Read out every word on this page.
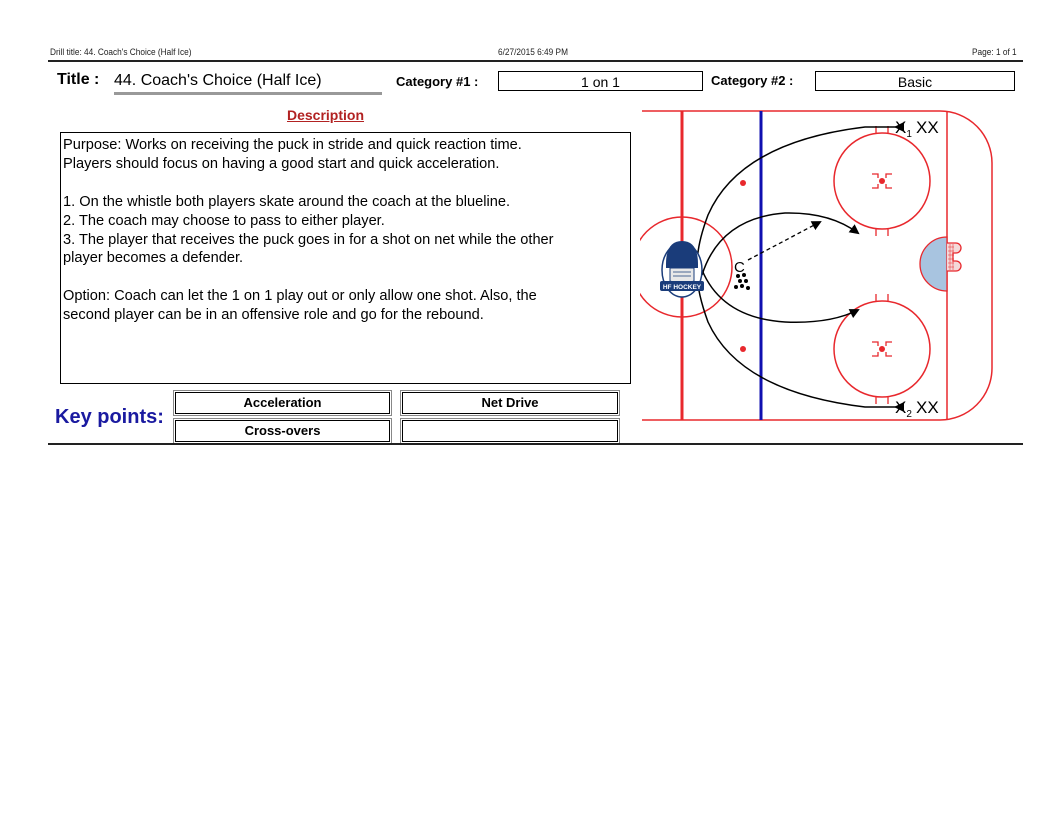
Drill title: 44. Coach's Choice (Half Ice)	6/27/2015 6:49 PM	Page: 1 of 1
Title : 44. Coach's Choice (Half Ice)	Category #1 :	1 on 1	Category #2 :	Basic
Description
Purpose: Works on receiving the puck in stride and quick reaction time.
Players should focus on having a good start and quick acceleration.

1. On the whistle both players skate around the coach at the blueline.
2. The coach may choose to pass to either player.
3. The player that receives the puck goes in for a shot on net while the other
player becomes a defender.

Option: Coach can let the 1 on 1 play out or only allow one shot. Also, the
second player can be in an offensive role and go for the rebound.
Key points:
Acceleration	Net Drive
Cross-overs
C
HF HOCKEY
$X_1$ XX
$X_2$ XX
